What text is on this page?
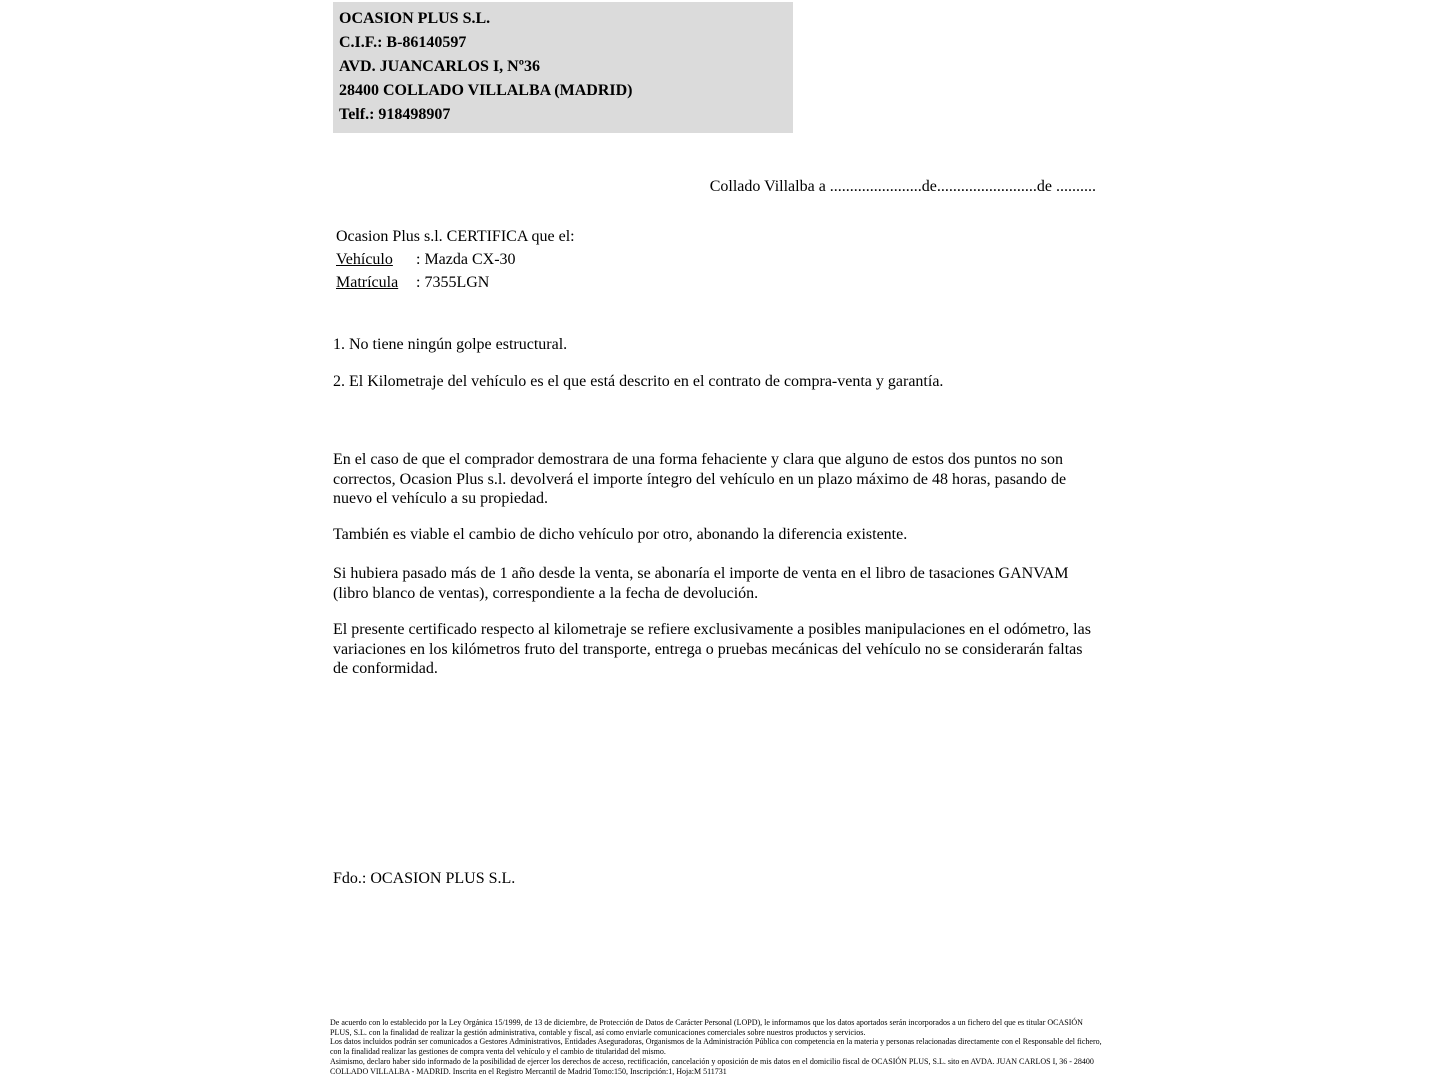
OCASION PLUS S.L.
C.I.F.: B-86140597
AVD. JUANCARLOS I, Nº36
28400 COLLADO VILLALBA (MADRID)
Telf.: 918498907
Collado Villalba a .......................de.........................de ..........
Ocasion Plus s.l. CERTIFICA que el:
Vehículo : Mazda CX-30
Matrícula : 7355LGN
1. No tiene ningún golpe estructural.
2. El Kilometraje del vehículo es el que está descrito en el contrato de compra-venta y garantía.

En el caso de que el comprador demostrara de una forma fehaciente y clara que alguno de estos dos puntos no son correctos, Ocasion Plus s.l. devolverá el importe íntegro del vehículo en un plazo máximo de 48 horas, pasando de nuevo el vehículo a su propiedad.

También es viable el cambio de dicho vehículo por otro, abonando la diferencia existente.

Si hubiera pasado más de 1 año desde la venta, se abonaría el importe de venta en el libro de tasaciones GANVAM (libro blanco de ventas), correspondiente a la fecha de devolución.

El presente certificado respecto al kilometraje se refiere exclusivamente a posibles manipulaciones en el odómetro, las variaciones en los kilómetros fruto del transporte, entrega o pruebas mecánicas del vehículo no se considerarán faltas de conformidad.

Fdo.: OCASION PLUS S.L.

De acuerdo con lo establecido por la Ley Orgánica 15/1999, de 13 de diciembre, de Protección de Datos de Carácter Personal (LOPD), le informamos que los datos aportados serán incorporados a un fichero del que es titular OCASIÓN PLUS, S.L. con la finalidad de realizar la gestión administrativa, contable y fiscal, así como enviarle comunicaciones comerciales sobre nuestros productos y servicios.

Los datos incluidos podrán ser comunicados a Gestores Administrativos, Entidades Aseguradoras, Organismos de la Administración Pública con competencia en la materia y personas relacionadas directamente con el Responsable del fichero, con la finalidad realizar las gestiones de compra venta del vehículo y el cambio de titularidad del mismo.

Asimismo, declaro haber sido informado de la posibilidad de ejercer los derechos de acceso, rectificación, cancelación y oposición de mis datos en el domicilio fiscal de OCASIÓN PLUS, S.L. sito en AVDA. JUAN CARLOS I, 36 - 28400 COLLADO VILLALBA - MADRID. Inscrita en el Registro Mercantil de Madrid Tomo:150, Inscripción:1, Hoja:M 511731
